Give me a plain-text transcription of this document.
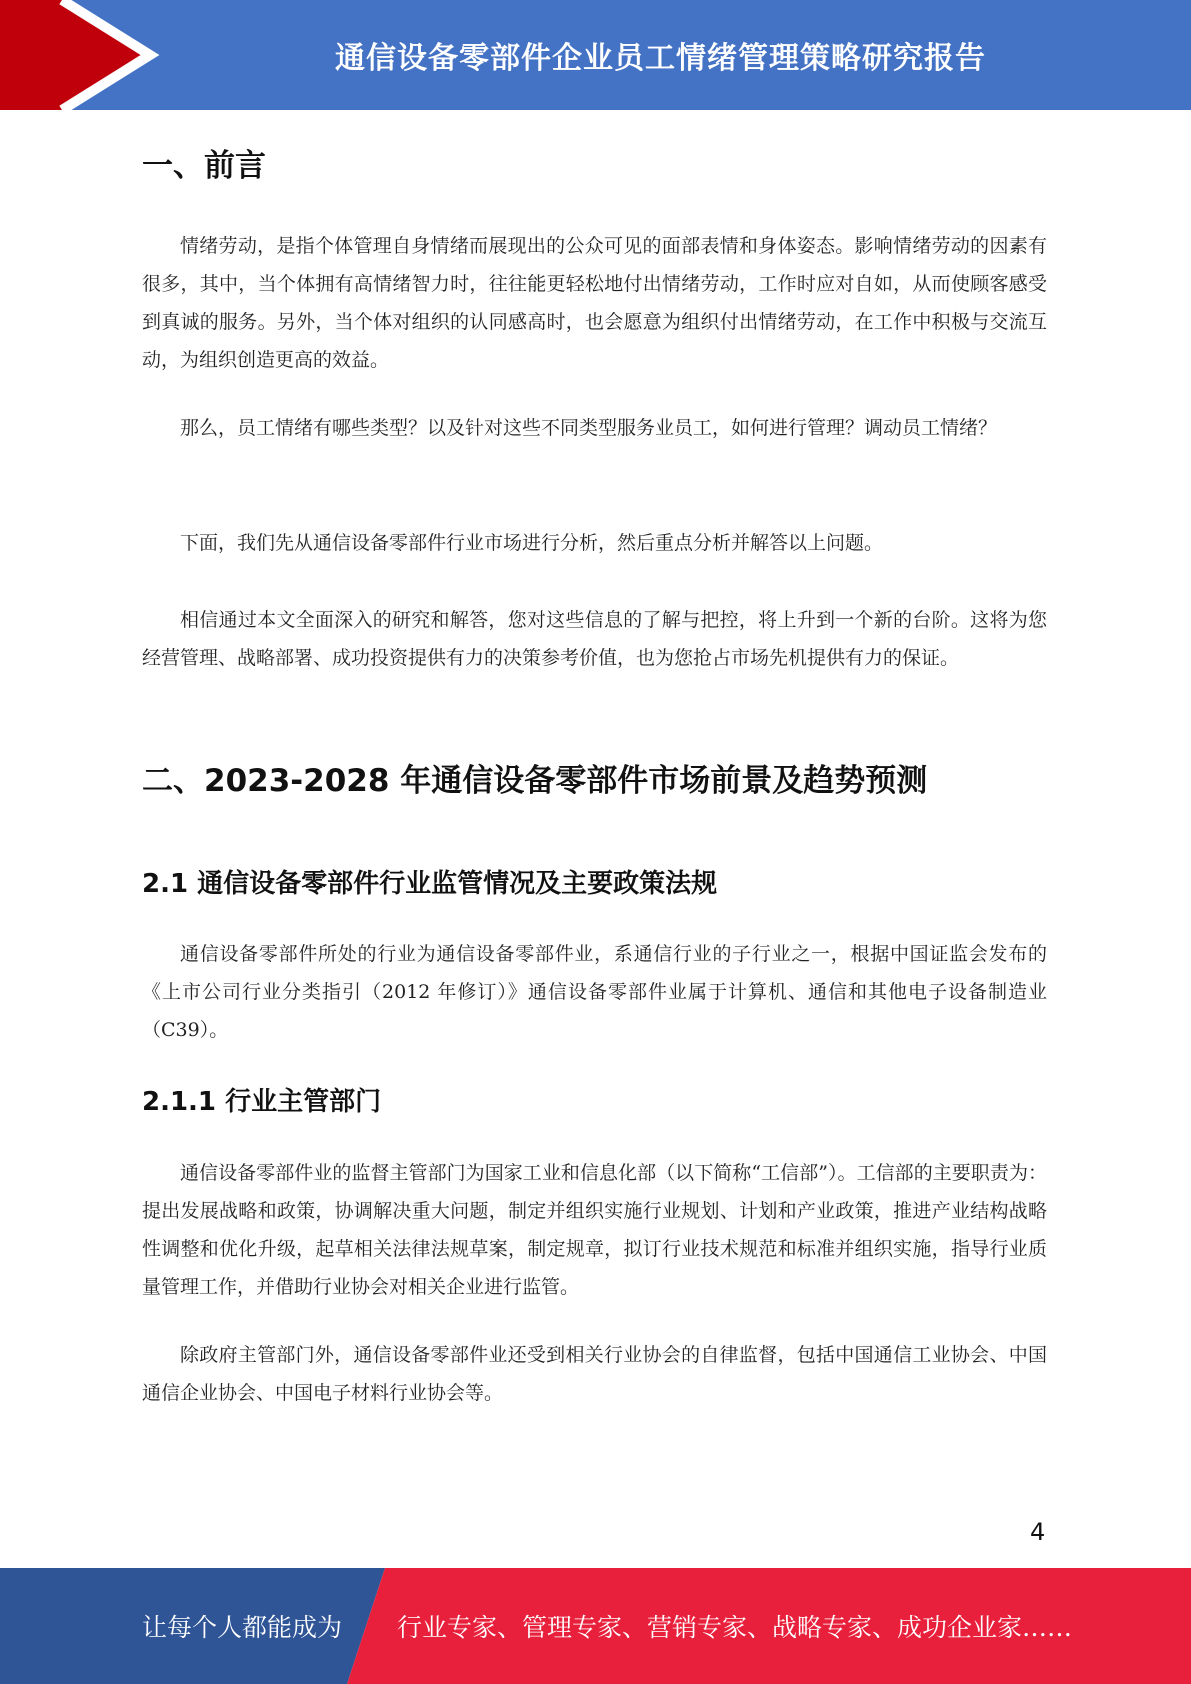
通信设备零部件企业员工情绪管理策略研究报告
一、前言

情绪劳动，是指个体管理自身情绪而展现出的公众可见的面部表情和身体姿态。影响情绪劳动的因素有很多，其中，当个体拥有高情绪智力时，往往能更轻松地付出情绪劳动，工作时应对自如，从而使顾客感受到真诚的服务。另外，当个体对组织的认同感高时，也会愿意为组织付出情绪劳动，在工作中积极与交流互动，为组织创造更高的效益。

那么，员工情绪有哪些类型？以及针对这些不同类型服务业员工，如何进行管理？调动员工情绪？

下面，我们先从通信设备零部件行业市场进行分析，然后重点分析并解答以上问题。

相信通过本文全面深入的研究和解答，您对这些信息的了解与把控，将上升到一个新的台阶。这将为您经营管理、战略部署、成功投资提供有力的决策参考价值，也为您抢占市场先机提供有力的保证。

二、2023-2028 年通信设备零部件市场前景及趋势预测
2.1 通信设备零部件行业监管情况及主要政策法规

通信设备零部件所处的行业为通信设备零部件业，系通信行业的子行业之一，根据中国证监会发布的《上市公司行业分类指引（2012 年修订）》通信设备零部件业属于计算机、通信和其他电子设备制造业（C39）。

2.1.1 行业主管部门

通信设备零部件业的监督主管部门为国家工业和信息化部（以下简称“工信部”）。工信部的主要职责为：提出发展战略和政策，协调解决重大问题，制定并组织实施行业规划、计划和产业政策，推进产业结构战略性调整和优化升级，起草相关法律法规草案，制定规章，拟订行业技术规范和标准并组织实施，指导行业质量管理工作，并借助行业协会对相关企业进行监管。

除政府主管部门外，通信设备零部件业还受到相关行业协会的自律监督，包括中国通信工业协会、中国通信企业协会、中国电子材料行业协会等。

4
让每个人都能成为 行业专家、管理专家、营销专家、战略专家、成功企业家……
